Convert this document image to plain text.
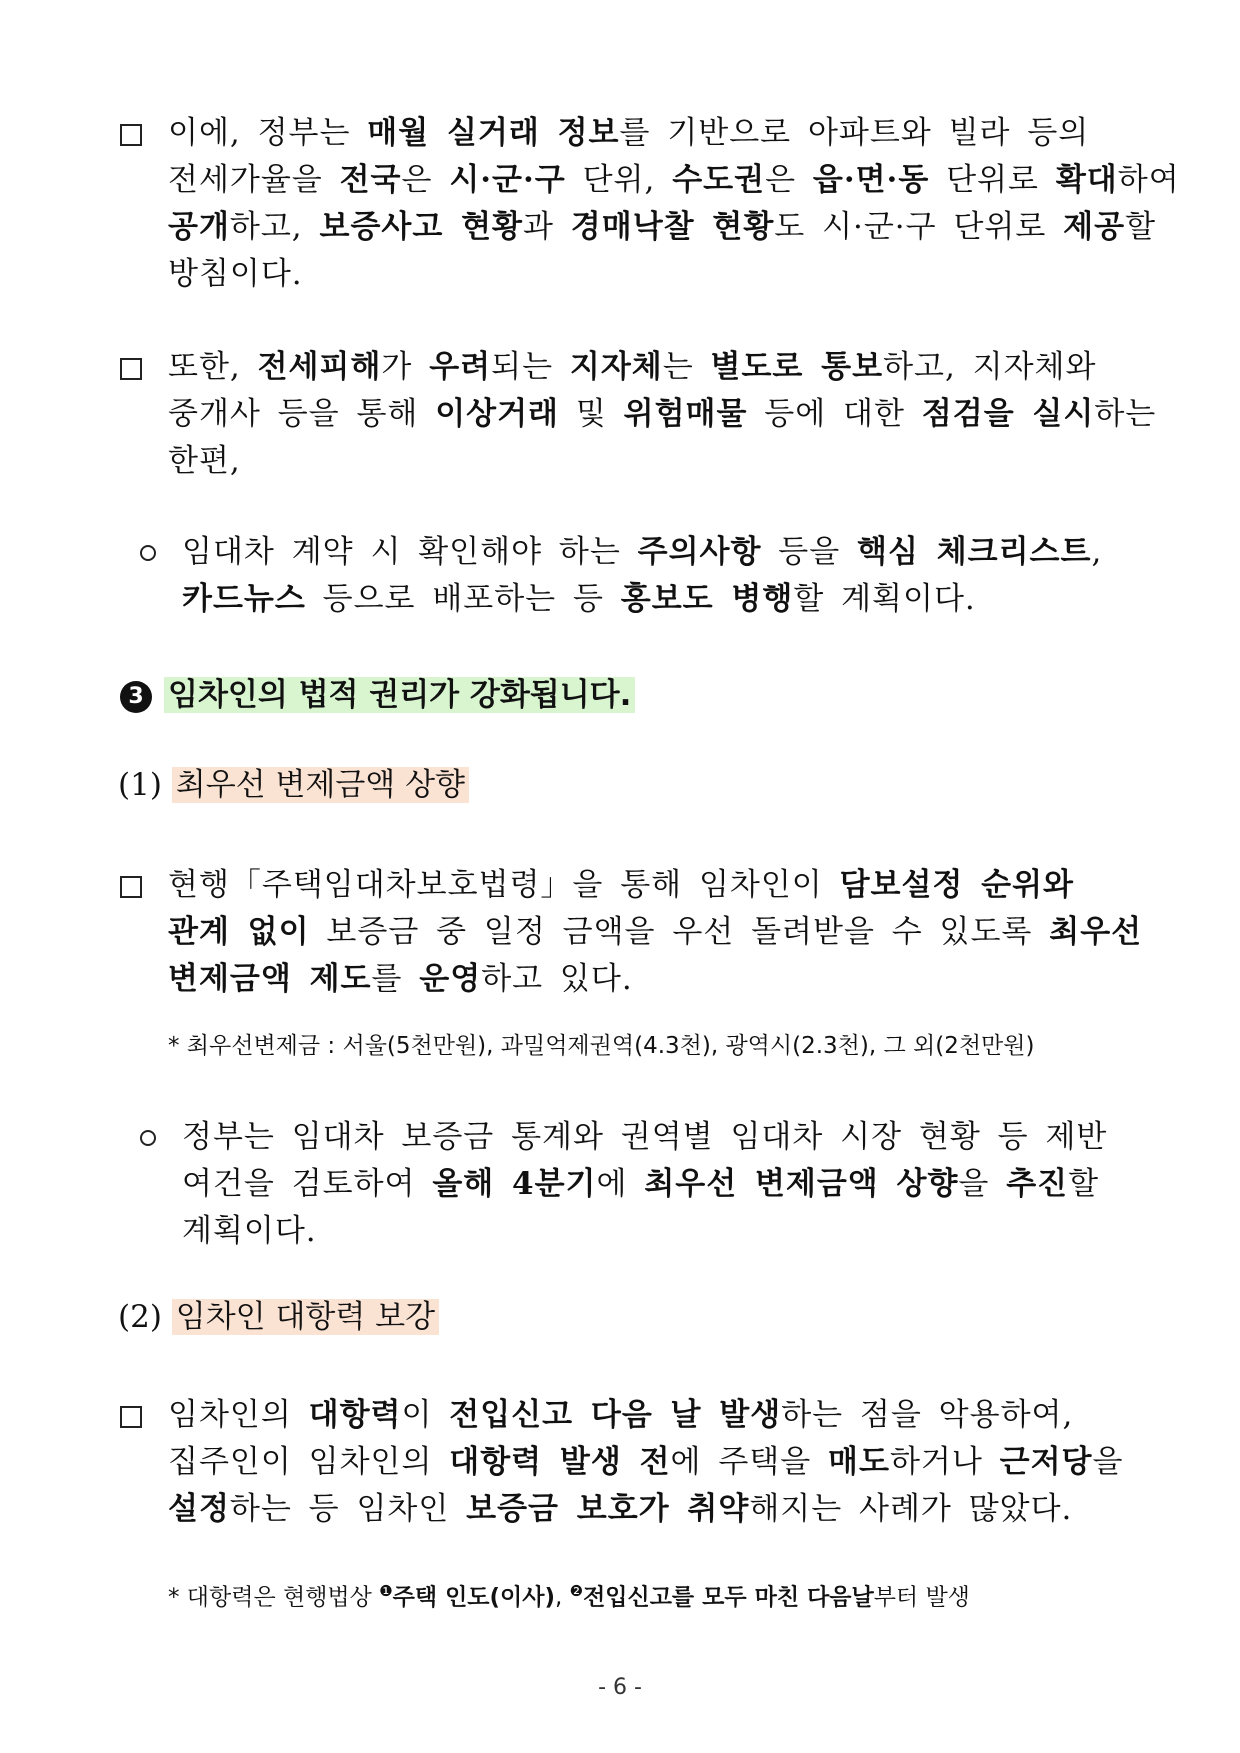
이에, 정부는 매월 실거래 정보를 기반으로 아파트와 빌라 등의
전세가율을 전국은 시·군·구 단위, 수도권은 읍·면·동 단위로 확대하여
공개하고, 보증사고 현황과 경매낙찰 현황도 시·군·구 단위로 제공할
방침이다.
또한, 전세피해가 우려되는 지자체는 별도로 통보하고, 지자체와
중개사 등을 통해 이상거래 및 위험매물 등에 대한 점검을 실시하는
한편,
임대차 계약 시 확인해야 하는 주의사항 등을 핵심 체크리스트,
카드뉴스 등으로 배포하는 등 홍보도 병행할 계획이다.
3 임차인의 법적 권리가 강화됩니다.
(1) 최우선 변제금액 상향
현행「주택임대차보호법령」을 통해 임차인이 담보설정 순위와
관계 없이 보증금 중 일정 금액을 우선 돌려받을 수 있도록 최우선
변제금액 제도를 운영하고 있다.
* 최우선변제금 : 서울(5천만원), 과밀억제권역(4.3천), 광역시(2.3천), 그 외(2천만원)
정부는 임대차 보증금 통계와 권역별 임대차 시장 현황 등 제반
여건을 검토하여 올해 4분기에 최우선 변제금액 상향을 추진할
계획이다.
(2) 임차인 대항력 보강
임차인의 대항력이 전입신고 다음 날 발생하는 점을 악용하여,
집주인이 임차인의 대항력 발생 전에 주택을 매도하거나 근저당을
설정하는 등 임차인 보증금 보호가 취약해지는 사례가 많았다.
* 대항력은 현행법상 $^❶$주택 인도(이사), $^❷$전입신고를 모두 마친 다음날부터 발생
- 6 -
